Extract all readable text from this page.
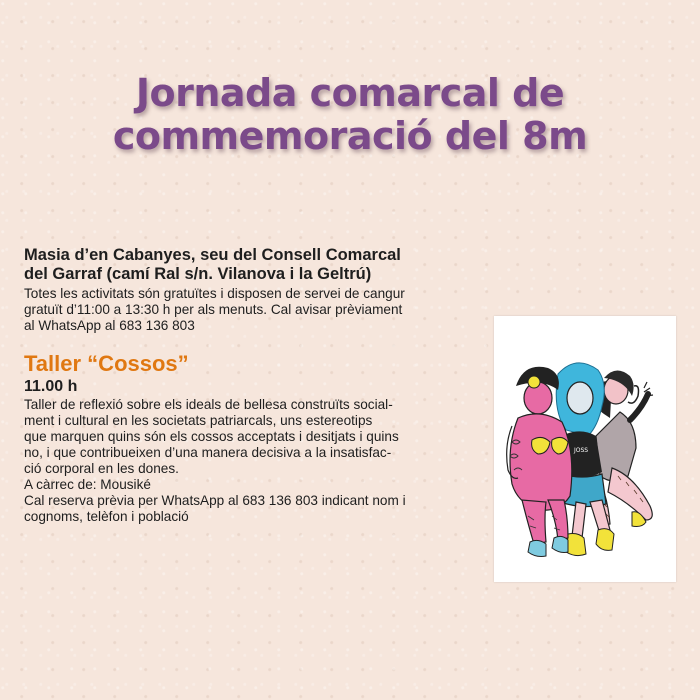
Jornada comarcal de
commemoració del 8m

Masia d’en Cabanyes, seu del Consell Comarcal
del Garraf (camí Ral s/n. Vilanova i la Geltrú)

Totes les activitats són gratuïtes i disposen de servei de cangur
gratuït d’11:00 a 13:30 h per als menuts. Cal avisar prèviament
al WhatsApp al 683 136 803

Taller “Cossos”
11.00 h
Taller de reflexió sobre els ideals de bellesa construïts social-
ment i cultural en les societats patriarcals, uns estereotips
que marquen quins són els cossos acceptats i desitjats i quins
no, i que contribueixen d’una manera decisiva a la insatisfac-
ció corporal en les dones.
A càrrec de: Mousiké
Cal reserva prèvia per WhatsApp al 683 136 803 indicant nom i
cognoms, telèfon i població
JOSS
